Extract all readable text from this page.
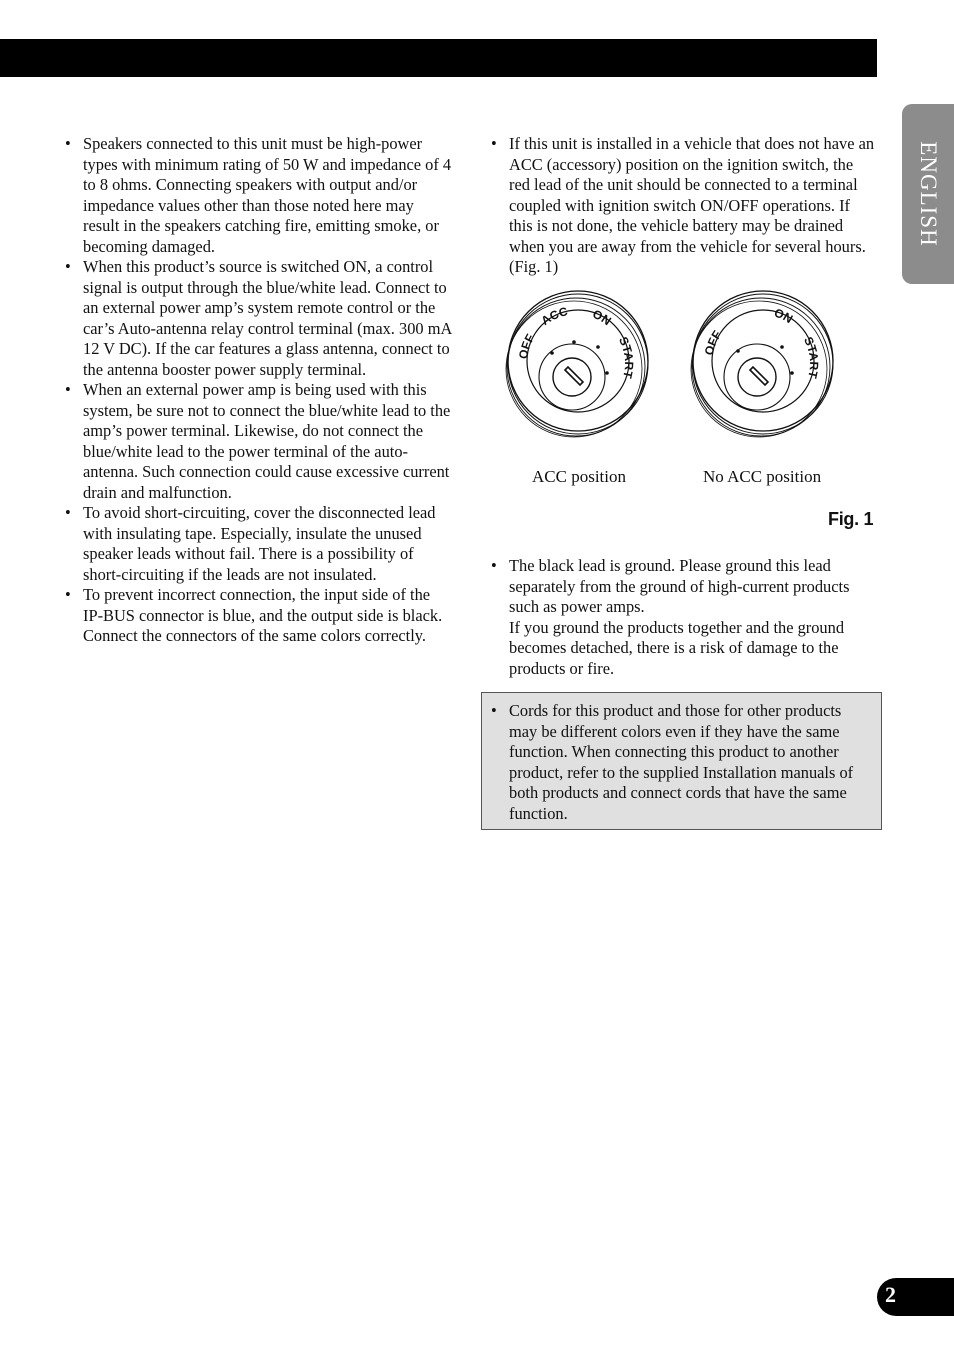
ENGLISH
• Speakers connected to this unit must be high-power types with minimum rating of 50 W and impedance of 4 to 8 ohms. Connecting speakers with output and/or impedance values other than those noted here may result in the speakers catching fire, emitting smoke, or becoming damaged.
• When this product’s source is switched ON, a control signal is output through the blue/white lead. Connect to an external power amp’s system remote control or the car’s Auto-antenna relay control terminal (max. 300 mA 12 V DC). If the car features a glass antenna, connect to the antenna booster power supply terminal.
• When an external power amp is being used with this system, be sure not to connect the blue/white lead to the amp’s power terminal. Likewise, do not connect the blue/white lead to the power terminal of the auto-antenna. Such connection could cause excessive current drain and malfunction.
• To avoid short-circuiting, cover the disconnected lead with insulating tape. Especially, insulate the unused speaker leads without fail. There is a possibility of short-circuiting if the leads are not insulated.
• To prevent incorrect connection, the input side of the IP-BUS connector is blue, and the output side is black. Connect the connectors of the same colors correctly.
• If this unit is installed in a vehicle that does not have an ACC (accessory) position on the ignition switch, the red lead of the unit should be connected to a terminal coupled with ignition switch ON/OFF operations. If this is not done, the vehicle battery may be drained when you are away from the vehicle for several hours. (Fig. 1)
OFF
ACC ON
START
OFF
ON
START
ACC position	No ACC position
Fig. 1
• The black lead is ground. Please ground this lead separately from the ground of high-current products such as power amps.
If you ground the products together and the ground becomes detached, there is a risk of damage to the products or fire.
• Cords for this product and those for other products may be different colors even if they have the same function. When connecting this product to another product, refer to the supplied Installation manuals of both products and connect cords that have the same function.
2
